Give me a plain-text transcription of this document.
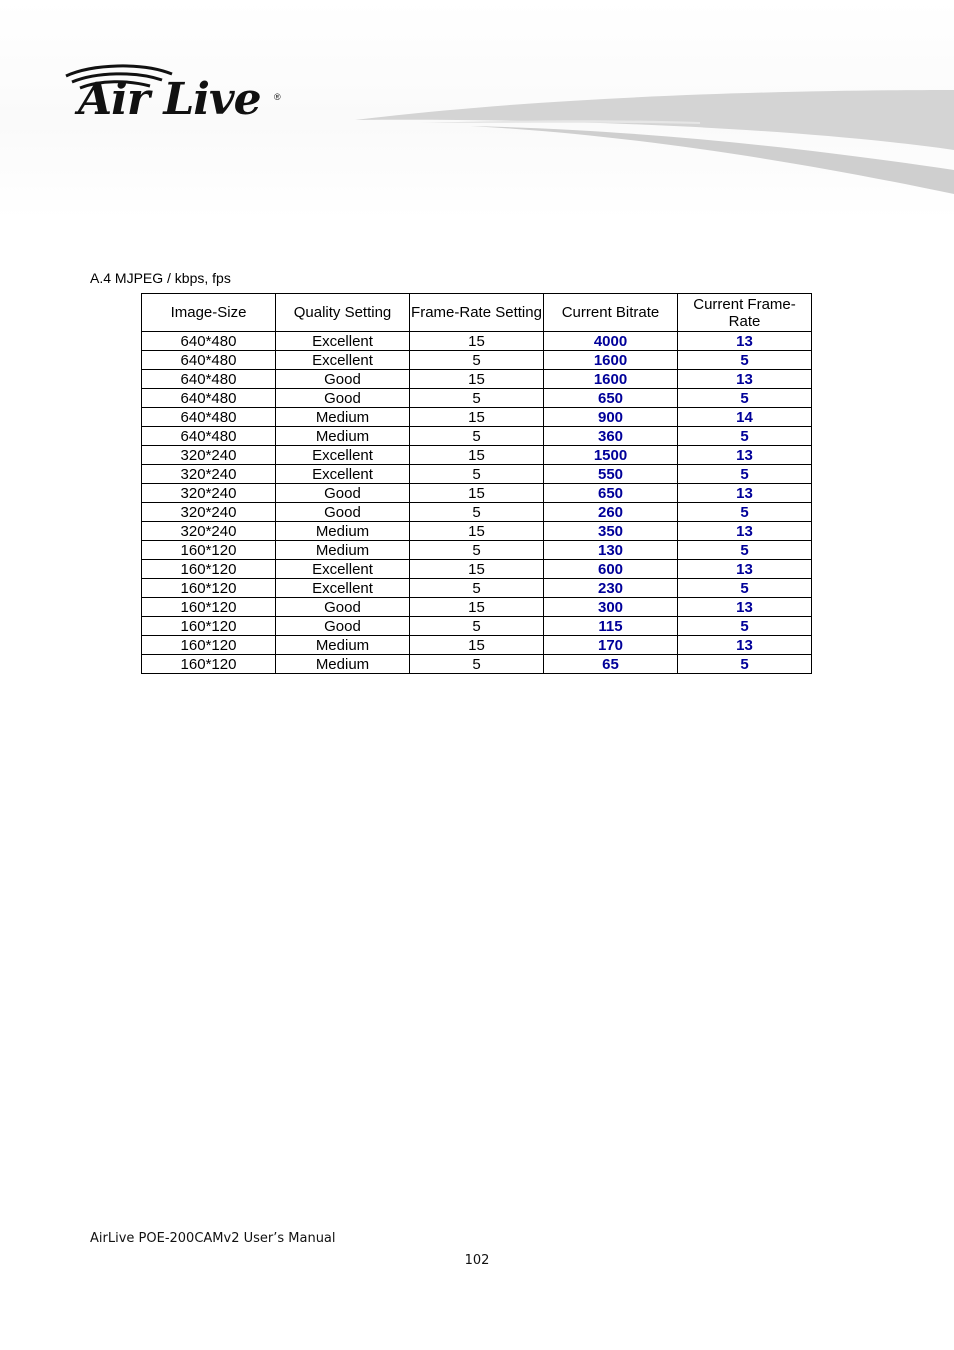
Air Live ®
A.4 MJPEG / kbps, fps
Image-Size	Quality Setting	Frame-Rate Setting	Current Bitrate	Current Frame-Rate
640*480	Excellent	15	4000	13
640*480	Excellent	5	1600	5
640*480	Good	15	1600	13
640*480	Good	5	650	5
640*480	Medium	15	900	14
640*480	Medium	5	360	5
320*240	Excellent	15	1500	13
320*240	Excellent	5	550	5
320*240	Good	15	650	13
320*240	Good	5	260	5
320*240	Medium	15	350	13
160*120	Medium	5	130	5
160*120	Excellent	15	600	13
160*120	Excellent	5	230	5
160*120	Good	15	300	13
160*120	Good	5	115	5
160*120	Medium	15	170	13
160*120	Medium	5	65	5
AirLive POE-200CAMv2 User’s Manual
102
